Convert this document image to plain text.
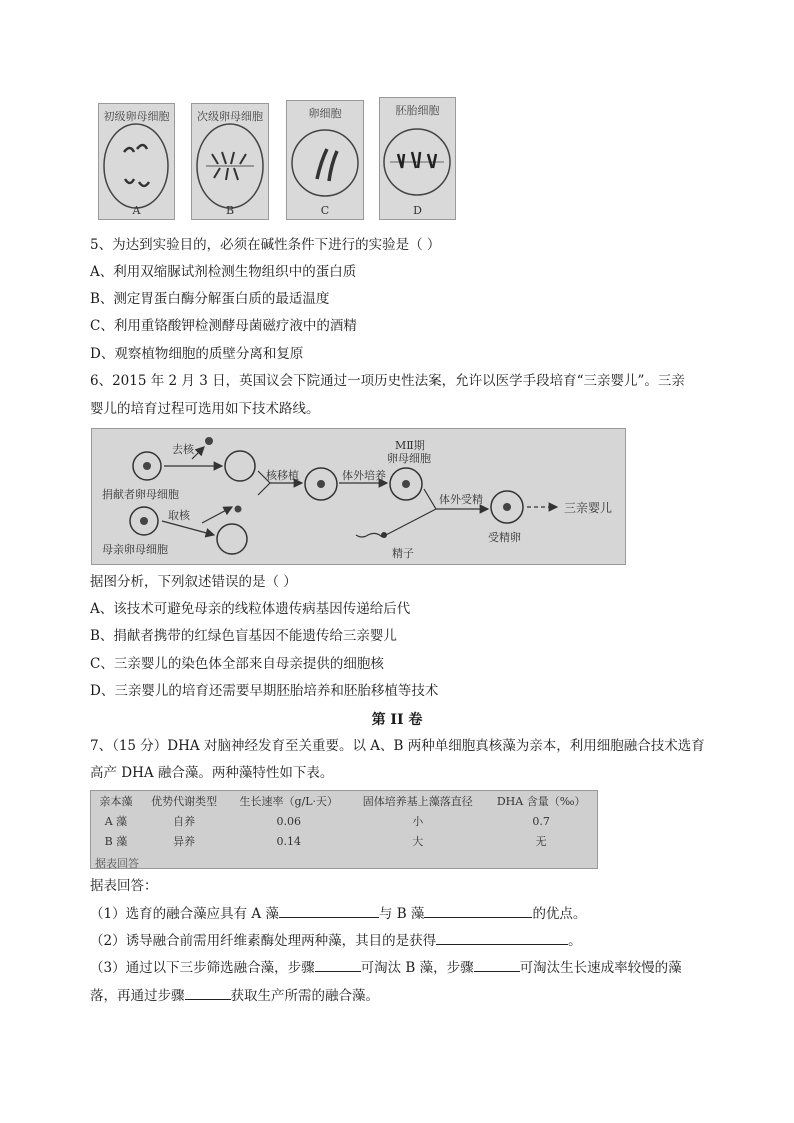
初级卵母细胞
A
次级卵母细胞
B
卵细胞
C
胚胎细胞
D
5、为达到实验目的，必须在碱性条件下进行的实验是（ ）
A、利用双缩脲试剂检测生物组织中的蛋白质
B、测定胃蛋白酶分解蛋白质的最适温度
C、利用重铬酸钾检测酵母菌磁疗液中的酒精
D、观察植物细胞的质壁分离和复原
6、2015 年 2 月 3 日，英国议会下院通过一项历史性法案，允许以医学手段培育“三亲婴儿”。三亲
婴儿的培育过程可选用如下技术路线。
捐献者卵母细胞
母亲卵母细胞
去核
取核
核移植	体外培养
MⅡ期
卵母细胞
体外受精
精子
受精卵
三亲婴儿
据图分析，下列叙述错误的是（ ）
A、该技术可避免母亲的线粒体遗传病基因传递给后代
B、捐献者携带的红绿色盲基因不能遗传给三亲婴儿
C、三亲婴儿的染色体全部来自母亲提供的细胞核
D、三亲婴儿的培育还需要早期胚胎培养和胚胎移植等技术
第 II 卷
7、（15 分）DHA 对脑神经发育至关重要。以 A、B 两种单细胞真核藻为亲本，利用细胞融合技术选育
高产 DHA 融合藻。两种藻特性如下表。
亲本藻	优势代谢类型	生长速率（g/L·天）	固体培养基上藻落直径	DHA 含量（‰）
A 藻	自养	0.06	小	0.7
B 藻	异养	0.14	大	无
据表回答
据表回答：
（1）选育的融合藻应具有 A 藻	与 B 藻	的优点。
（2）诱导融合前需用纤维素酶处理两种藻，其目的是获得	。
（3）通过以下三步筛选融合藻，步骤	可淘汰 B 藻，步骤	可淘汰生长速成率较慢的藻
落，再通过步骤	获取生产所需的融合藻。
